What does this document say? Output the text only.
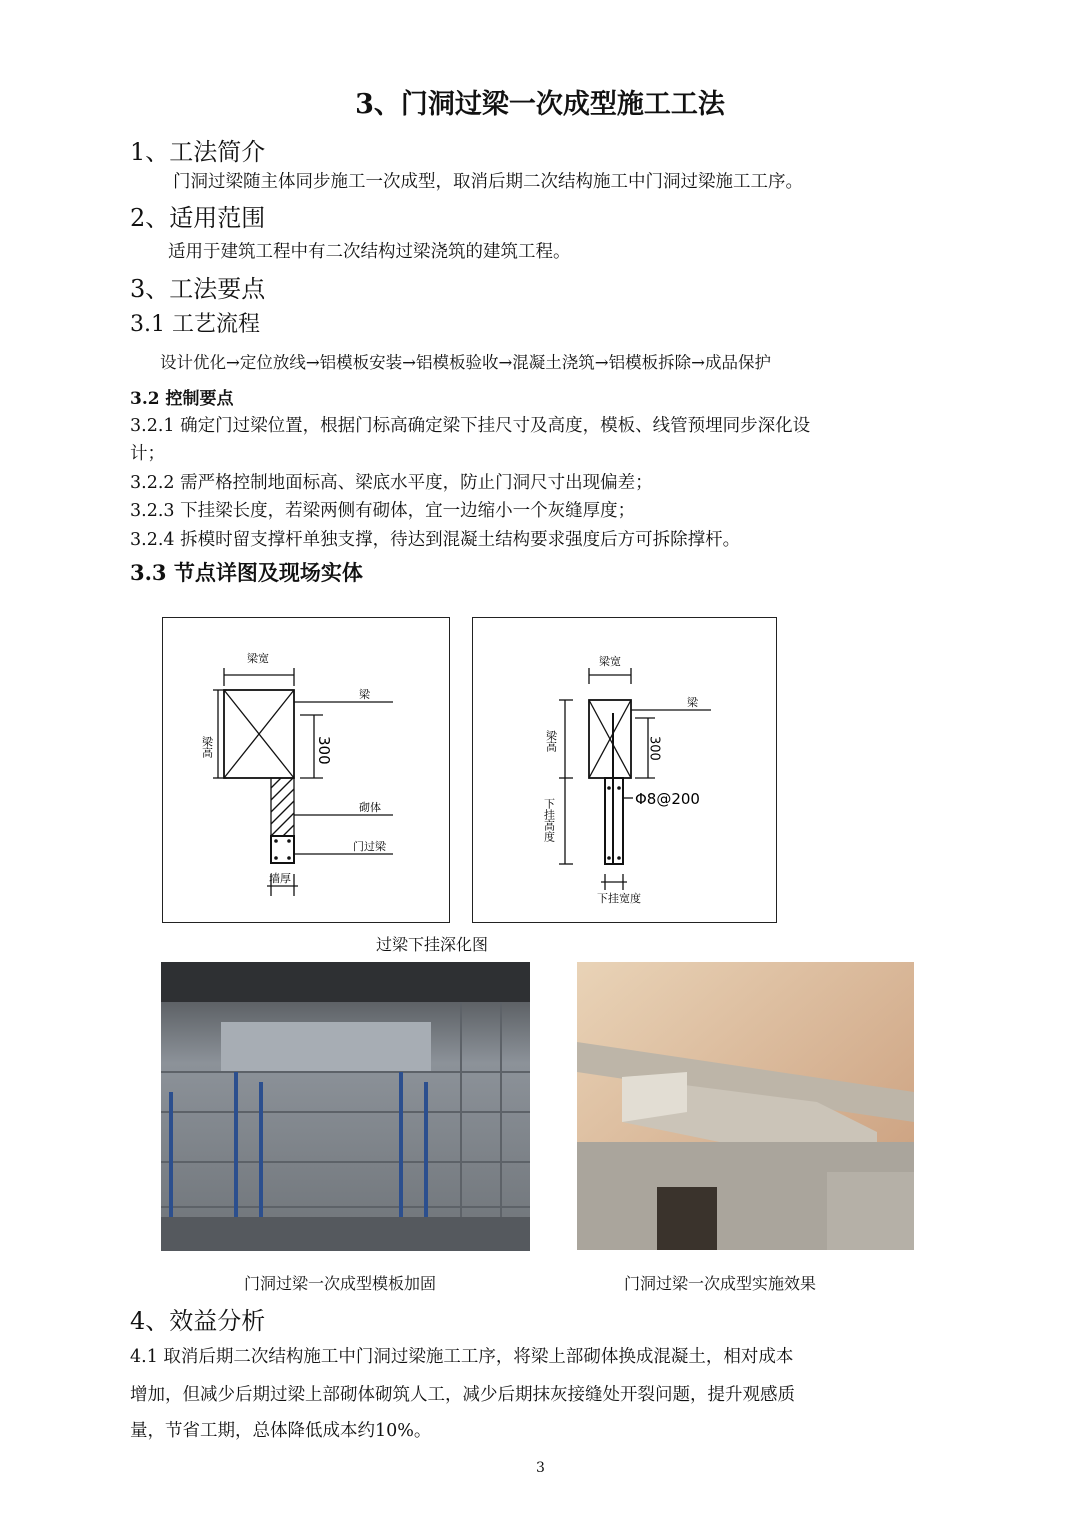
3、门洞过梁一次成型施工工法
1、工法简介
门洞过梁随主体同步施工一次成型，取消后期二次结构施工中门洞过梁施工工序。
2、适用范围
适用于建筑工程中有二次结构过梁浇筑的建筑工程。
3、工法要点
3.1 工艺流程
设计优化→定位放线→铝模板安装→铝模板验收→混凝土浇筑→铝模板拆除→成品保护
3.2 控制要点
3.2.1 确定门过梁位置，根据门标高确定梁下挂尺寸及高度，模板、线管预埋同步深化设
计；
3.2.2 需严格控制地面标高、梁底水平度，防止门洞尺寸出现偏差；
3.2.3 下挂梁长度，若梁两侧有砌体，宜一边缩小一个灰缝厚度；
3.2.4 拆模时留支撑杆单独支撑，待达到混凝土结构要求强度后方可拆除撑杆。
3.3 节点详图及现场实体
梁宽
梁高
梁
300
砌体
门过梁
墙厚
梁宽
梁高
梁
300
Φ8@200
下挂高度
下挂宽度
过梁下挂深化图
门洞过梁一次成型模板加固	门洞过梁一次成型实施效果
4、效益分析
4.1 取消后期二次结构施工中门洞过梁施工工序，将梁上部砌体换成混凝土，相对成本
增加，但减少后期过梁上部砌体砌筑人工，减少后期抹灰接缝处开裂问题，提升观感质
量，节省工期，总体降低成本约10%。
3
